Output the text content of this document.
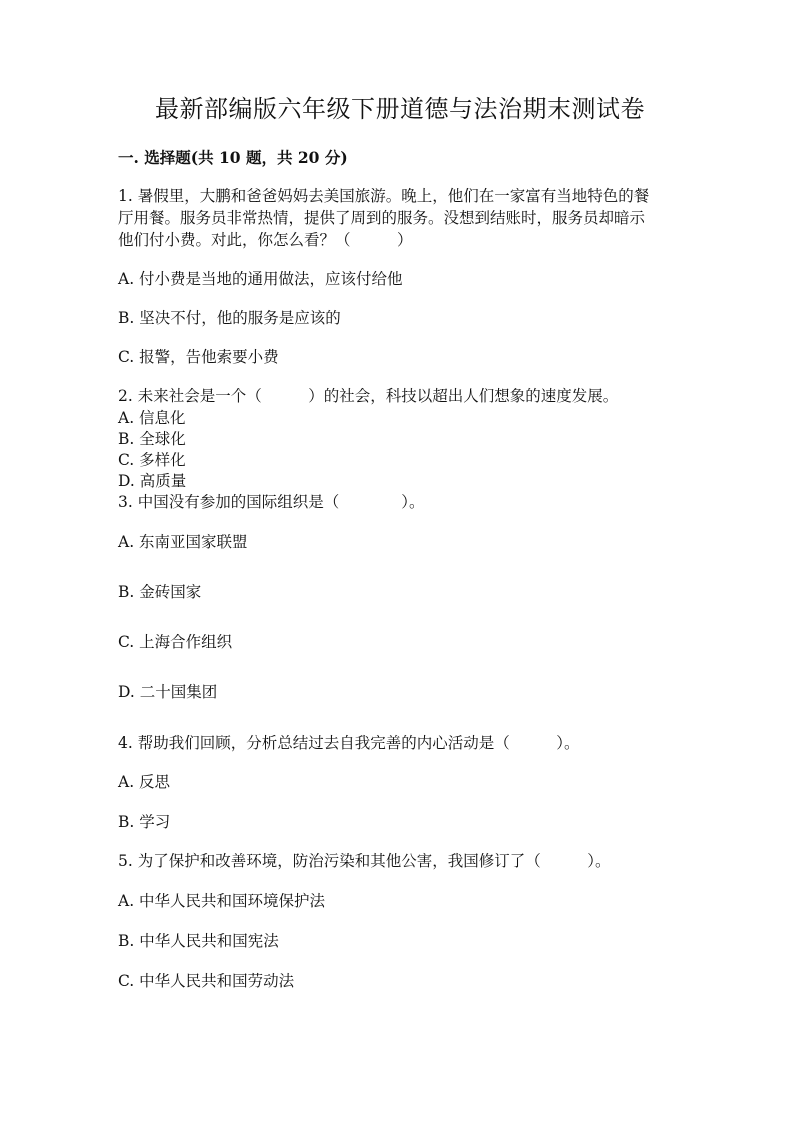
最新部编版六年级下册道德与法治期末测试卷

一. 选择题(共 10 题，共 20 分)

1. 暑假里，大鹏和爸爸妈妈去美国旅游。晚上，他们在一家富有当地特色的餐

厅用餐。服务员非常热情，提供了周到的服务。没想到结账时，服务员却暗示

他们付小费。对此，你怎么看？（　　　）

A. 付小费是当地的通用做法，应该付给他

B. 坚决不付，他的服务是应该的

C. 报警，告他索要小费

2. 未来社会是一个（　　　）的社会，科技以超出人们想象的速度发展。

A. 信息化

B. 全球化

C. 多样化

D. 高质量

3. 中国没有参加的国际组织是（　　　　）。

A. 东南亚国家联盟

B. 金砖国家

C. 上海合作组织

D. 二十国集团

4. 帮助我们回顾，分析总结过去自我完善的内心活动是（　　　）。

A. 反思

B. 学习

5. 为了保护和改善环境，防治污染和其他公害，我国修订了（　　　）。

A. 中华人民共和国环境保护法

B. 中华人民共和国宪法

C. 中华人民共和国劳动法
